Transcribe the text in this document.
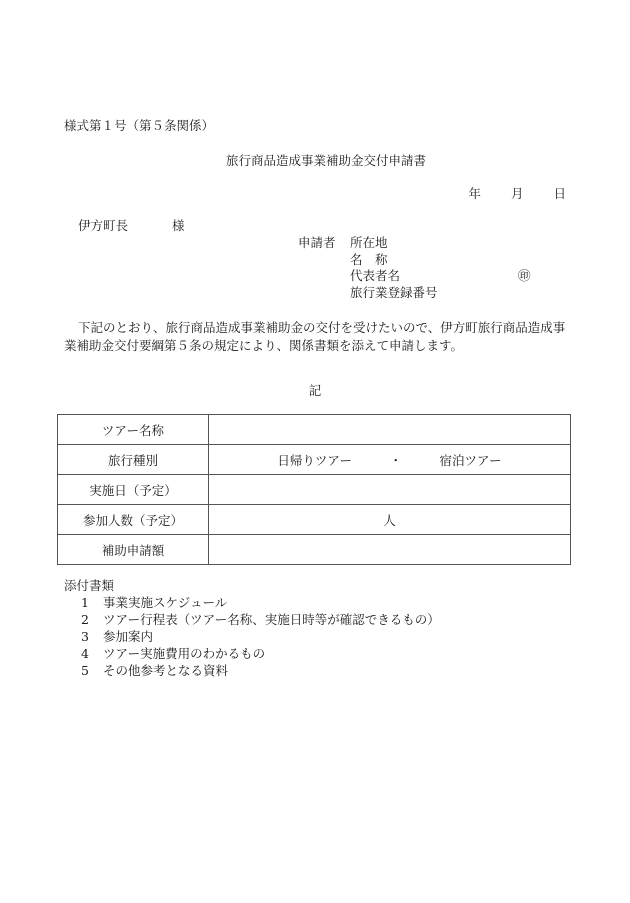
様式第１号（第５条関係）
旅行商品造成事業補助金交付申請書
年 月 日
伊方町長	様
申請者 所在地
名　称
代表者名
旅行業登録番号
㊞
下記のとおり、旅行商品造成事業補助金の交付を受けたいので、伊方町旅行商品造成事業補助金交付要綱第５条の規定により、関係書類を添えて申請します。
記
ツアー名称	
旅行種別	日帰りツアー　　　・　　　宿泊ツアー
実施日（予定）	
参加人数（予定）	人
補助申請額	
添付書類
1 事業実施スケジュール
2 ツアー行程表（ツアー名称、実施日時等が確認できるもの）
3 参加案内
4 ツアー実施費用のわかるもの
5 その他参考となる資料
